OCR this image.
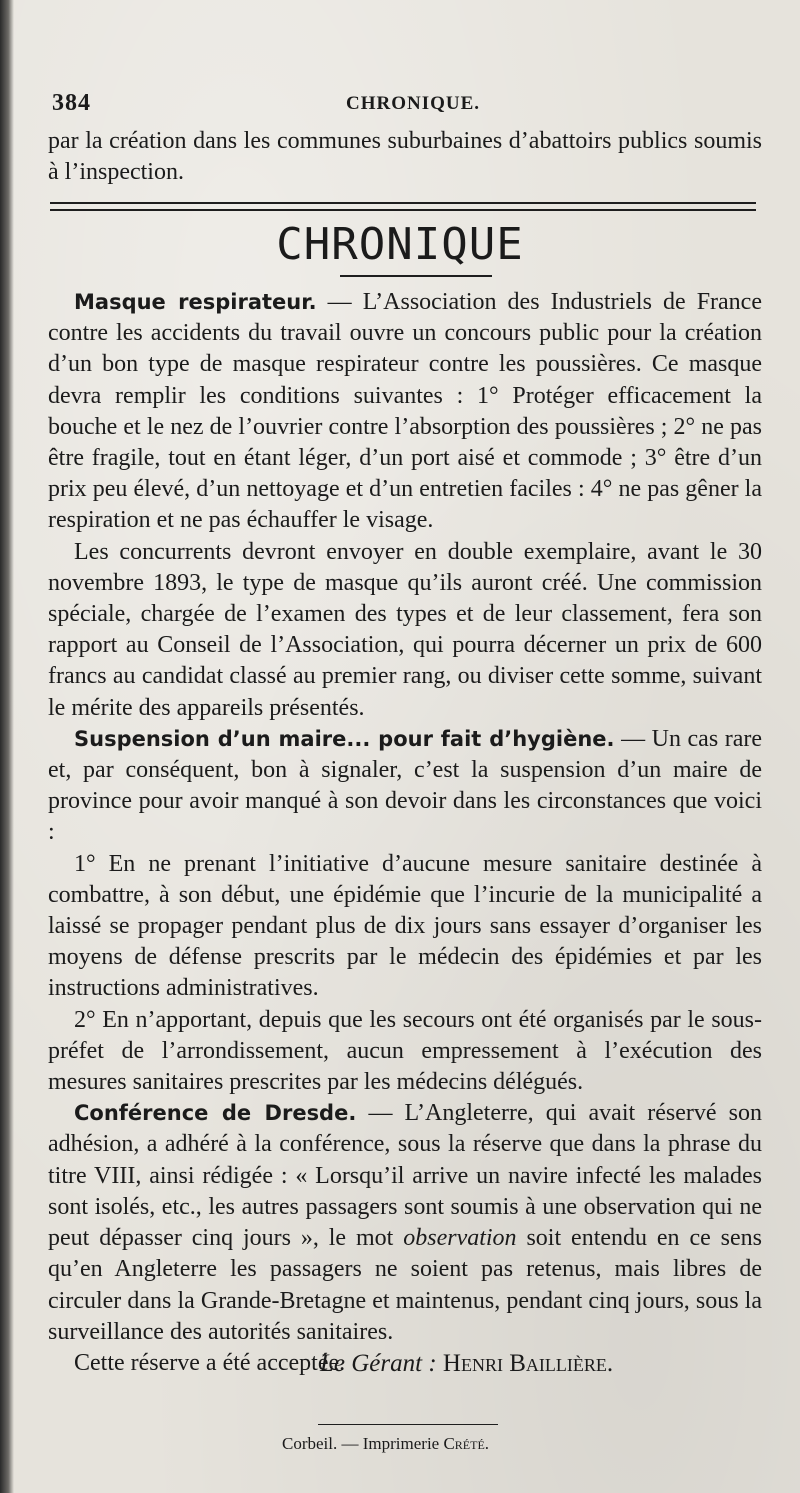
384	CHRONIQUE.

par la création dans les communes suburbaines d’abattoirs publics soumis à l’inspection.

CHRONIQUE

Masque respirateur. — L’Association des Industriels de France contre les accidents du travail ouvre un concours public pour la création d’un bon type de masque respirateur contre les poussières. Ce masque devra remplir les conditions suivantes : 1° Protéger efficacement la bouche et le nez de l’ouvrier contre l’absorption des poussières ; 2° ne pas être fragile, tout en étant léger, d’un port aisé et commode ; 3° être d’un prix peu élevé, d’un nettoyage et d’un entretien faciles : 4° ne pas gêner la respiration et ne pas échauffer le visage.

Les concurrents devront envoyer en double exemplaire, avant le 30 novembre 1893, le type de masque qu’ils auront créé. Une commission spéciale, chargée de l’examen des types et de leur classement, fera son rapport au Conseil de l’Association, qui pourra décerner un prix de 600 francs au candidat classé au premier rang, ou diviser cette somme, suivant le mérite des appareils présentés.

Suspension d’un maire... pour fait d’hygiène. — Un cas rare et, par conséquent, bon à signaler, c’est la suspension d’un maire de province pour avoir manqué à son devoir dans les circonstances que voici :

1° En ne prenant l’initiative d’aucune mesure sanitaire destinée à combattre, à son début, une épidémie que l’incurie de la municipalité a laissé se propager pendant plus de dix jours sans essayer d’organiser les moyens de défense prescrits par le médecin des épidémies et par les instructions administratives.

2° En n’apportant, depuis que les secours ont été organisés par le sous-préfet de l’arrondissement, aucun empressement à l’exécution des mesures sanitaires prescrites par les médecins délégués.

Conférence de Dresde. — L’Angleterre, qui avait réservé son adhésion, a adhéré à la conférence, sous la réserve que dans la phrase du titre VIII, ainsi rédigée : « Lorsqu’il arrive un navire infecté les malades sont isolés, etc., les autres passagers sont soumis à une observation qui ne peut dépasser cinq jours », le mot observation soit entendu en ce sens qu’en Angleterre les passagers ne soient pas retenus, mais libres de circuler dans la Grande-Bretagne et maintenus, pendant cinq jours, sous la surveillance des autorités sanitaires.

Cette réserve a été acceptée.

Le Gérant : Henri Baillière.
Corbeil. — Imprimerie Crété.
